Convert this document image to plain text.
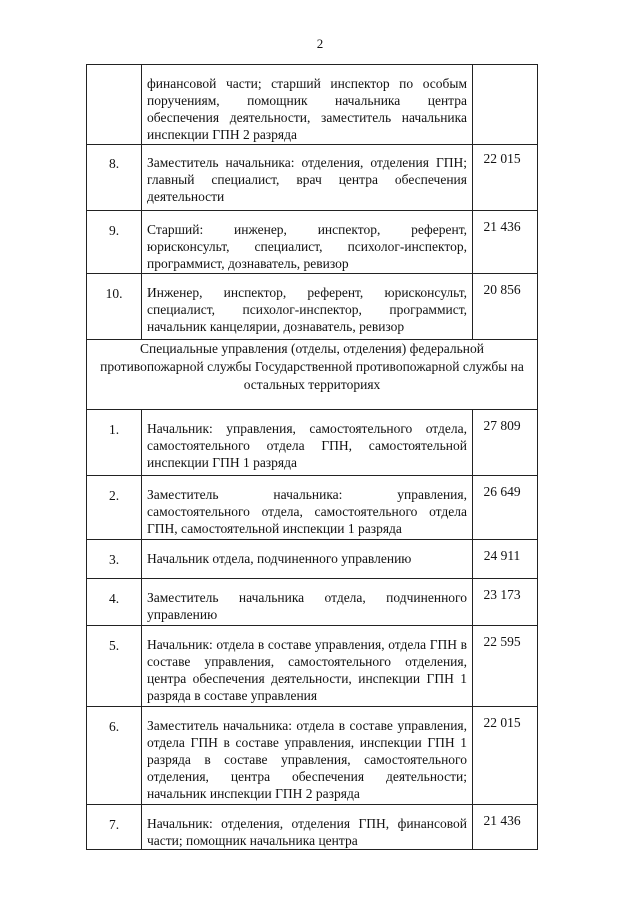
2

	финансовой части; старший инспектор по особым поручениям, помощник начальника центра обеспечения деятельности, заместитель начальника инспекции ГПН 2 разряда	

8.	Заместитель начальника: отделения, отделения ГПН; главный специалист, врач центра обеспечения деятельности	22 015

9.	Старший: инженер, инспектор, референт, юрисконсульт, специалист, психолог-инспектор, программист, дознаватель, ревизор	21 436

10.	Инженер, инспектор, референт, юрисконсульт, специалист, психолог-инспектор, программист, начальник канцелярии, дознаватель, ревизор	20 856

Специальные управления (отделы, отделения) федеральной противопожарной службы Государственной противопожарной службы на остальных территориях		

1.	Начальник: управления, самостоятельного отдела, самостоятельного отдела ГПН, самостоятельной инспекции ГПН 1 разряда	27 809

2.	Заместитель начальника: управления, самостоятельного отдела, самостоятельного отдела ГПН, самостоятельной инспекции 1 разряда	26 649

3.	Начальник отдела, подчиненного управлению	24 911

4.	Заместитель начальника отдела, подчиненного управлению	23 173

5.	Начальник: отдела в составе управления, отдела ГПН в составе управления, самостоятельного отделения, центра обеспечения деятельности, инспекции ГПН 1 разряда в составе управления	22 595

6.	Заместитель начальника: отдела в составе управления, отдела ГПН в составе управления, инспекции ГПН 1 разряда в составе управления, самостоятельного отделения, центра обеспечения деятельности; начальник инспекции ГПН 2 разряда	22 015

7.	Начальник: отделения, отделения ГПН, финансовой части; помощник начальника центра	21 436
